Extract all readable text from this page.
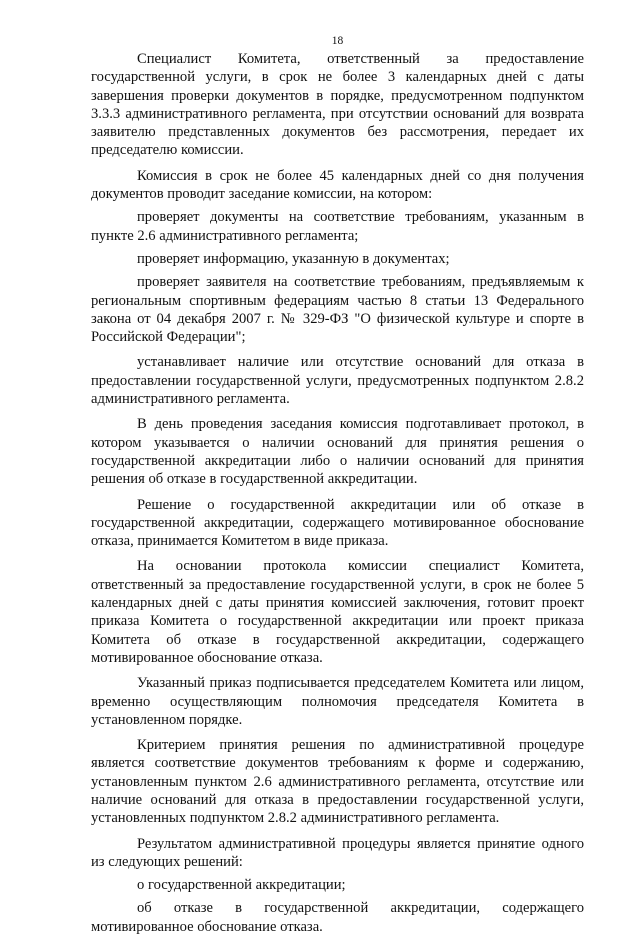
18

Специалист Комитета, ответственный за предоставление государственной услуги, в срок не более 3 календарных дней с даты завершения проверки документов в порядке, предусмотренном подпунктом 3.3.3 административного регламента, при отсутствии оснований для возврата заявителю представленных документов без рассмотрения, передает их председателю комиссии.

Комиссия в срок не более 45 календарных дней со дня получения документов проводит заседание комиссии, на котором:

проверяет документы на соответствие требованиям, указанным в пункте 2.6 административного регламента;

проверяет информацию, указанную в документах;

проверяет заявителя на соответствие требованиям, предъявляемым к региональным спортивным федерациям частью 8 статьи 13 Федерального закона от 04 декабря 2007 г. № 329-ФЗ "О физической культуре и спорте в Российской Федерации";

устанавливает наличие или отсутствие оснований для отказа в предоставлении государственной услуги, предусмотренных подпунктом 2.8.2 административного регламента.

В день проведения заседания комиссия подготавливает протокол, в котором указывается о наличии оснований для принятия решения о государственной аккредитации либо о наличии оснований для принятия решения об отказе в государственной аккредитации.

Решение о государственной аккредитации или об отказе в государственной аккредитации, содержащего мотивированное обоснование отказа, принимается Комитетом в виде приказа.

На основании протокола комиссии специалист Комитета, ответственный за предоставление государственной услуги, в срок не более 5 календарных дней с даты принятия комиссией заключения, готовит проект приказа Комитета о государственной аккредитации или проект приказа Комитета об отказе в государственной аккредитации, содержащего мотивированное обоснование отказа.

Указанный приказ подписывается председателем Комитета или лицом, временно осуществляющим полномочия председателя Комитета в установленном порядке.

Критерием принятия решения по административной процедуре является соответствие документов требованиям к форме и содержанию, установленным пунктом 2.6 административного регламента, отсутствие или наличие оснований для отказа в предоставлении государственной услуги, установленных подпунктом 2.8.2 административного регламента.

Результатом административной процедуры является принятие одного из следующих решений:

о государственной аккредитации;

об отказе в государственной аккредитации, содержащего мотивированное обоснование отказа.
